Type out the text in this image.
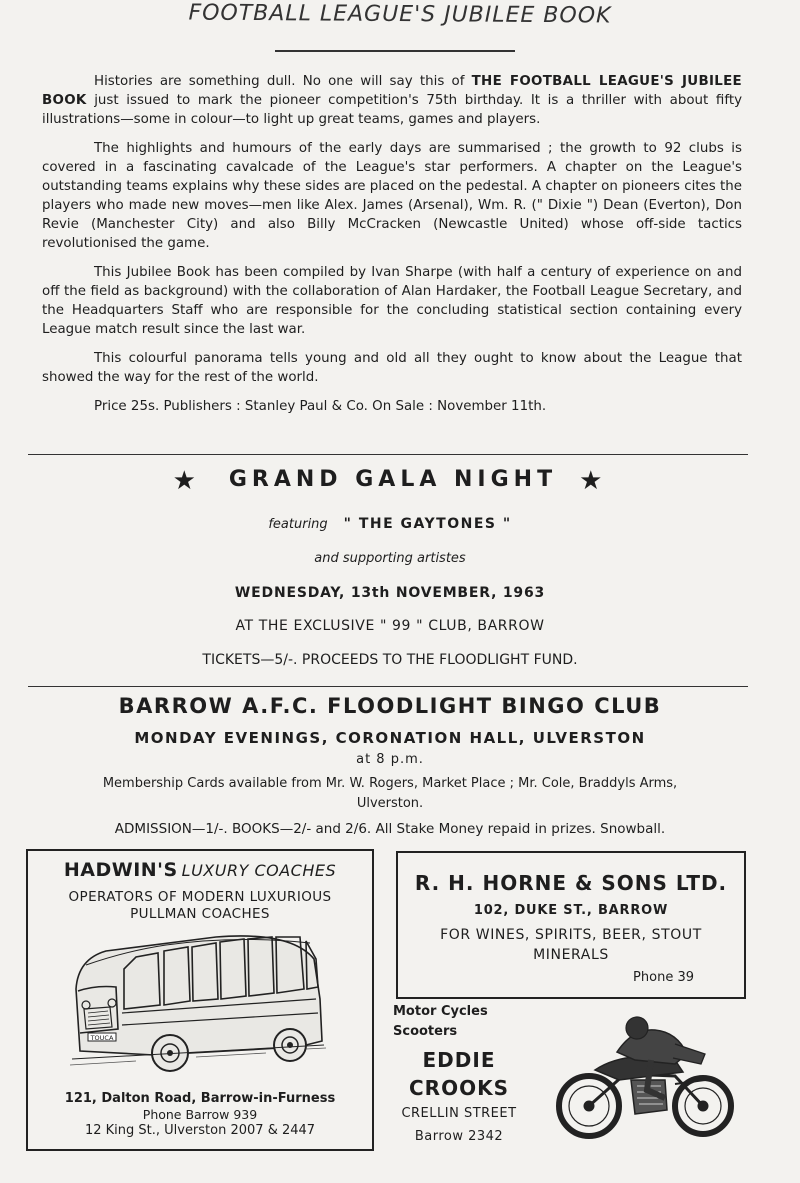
FOOTBALL LEAGUE'S JUBILEE BOOK

Histories are something dull. No one will say this of THE FOOTBALL LEAGUE'S JUBILEE BOOK just issued to mark the pioneer competition's 75th birthday. It is a thriller with about fifty illustrations—some in colour—to light up great teams, games and players.

The highlights and humours of the early days are summarised ; the growth to 92 clubs is covered in a fascinating cavalcade of the League's star performers. A chapter on the League's outstanding teams explains why these sides are placed on the pedestal. A chapter on pioneers cites the players who made new moves—men like Alex. James (Arsenal), Wm. R. (" Dixie ") Dean (Everton), Don Revie (Manchester City) and also Billy McCracken (Newcastle United) whose off-side tactics revolutionised the game.

This Jubilee Book has been compiled by Ivan Sharpe (with half a century of experience on and off the field as background) with the collaboration of Alan Hardaker, the Football League Secretary, and the Headquarters Staff who are responsible for the concluding statistical section containing every League match result since the last war.

This colourful panorama tells young and old all they ought to know about the League that showed the way for the rest of the world.

Price 25s. Publishers : Stanley Paul & Co. On Sale : November 11th.

★ GRAND GALA NIGHT ★
featuring " THE GAYTONES "
and supporting artistes
WEDNESDAY, 13th NOVEMBER, 1963
AT THE EXCLUSIVE " 99 " CLUB, BARROW
TICKETS—5/-. PROCEEDS TO THE FLOODLIGHT FUND.
BARROW A.F.C. FLOODLIGHT BINGO CLUB
MONDAY EVENINGS, CORONATION HALL, ULVERSTON
at 8 p.m.
Membership Cards available from Mr. W. Rogers, Market Place ; Mr. Cole, Braddyls Arms,
Ulverston.
ADMISSION—1/-. BOOKS—2/- and 2/6. All Stake Money repaid in prizes. Snowball.
HADWIN'S LUXURY COACHES
OPERATORS OF MODERN LUXURIOUS
PULLMAN COACHES
TOUCA
121, Dalton Road, Barrow-in-Furness
Phone Barrow 939
12 King St., Ulverston 2007 & 2447
R. H. HORNE & SONS LTD.
102, DUKE ST., BARROW
FOR WINES, SPIRITS, BEER, STOUT
MINERALS
Phone 39
Motor Cycles
Scooters
EDDIE
CROOKS
CRELLIN STREET
Barrow 2342
